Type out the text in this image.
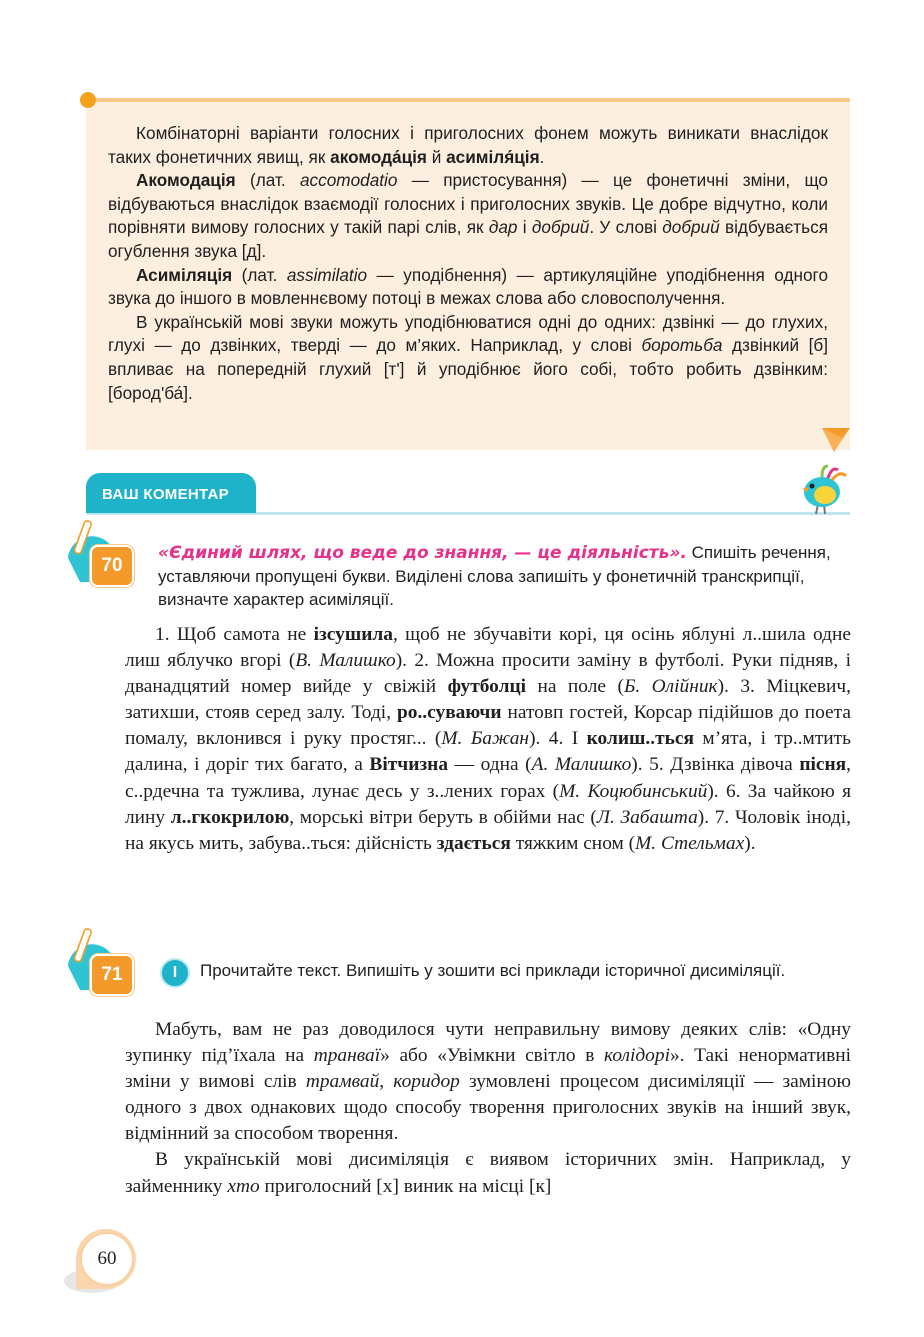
Комбінаторні варіанти голосних і приголосних фонем можуть виникати внаслідок таких фонетичних явищ, як акомода́ція й асиміля́ція.

Акомодація (лат. accomodatio — пристосування) — це фонетичні зміни, що відбуваються внаслідок взаємодії голосних і приголосних звуків. Це добре відчутно, коли порівняти вимову голосних у такій парі слів, як дар і добрий. У слові добрий відбувається огублення звука [д].

Асиміляція (лат. assimilatio — уподібнення) — артикуляційне уподібнення одного звука до іншого в мовленнєвому потоці в межах слова або словосполучення.

В українській мові звуки можуть уподібнюватися одні до одних: дзвінкі — до глухих, глухі — до дзвінких, тверді — до м’яких. Наприклад, у слові боротьба дзвінкий [б] впливає на попередній глухий [т'] й уподібнює його собі, тобто робить дзвінким: [бород'ба́].

ВАШ КОМЕНТАР
70
«Єдиний шлях, що веде до знання, — це діяльність». Спишіть речення, уставляючи пропущені букви. Виділені слова запишіть у фонетичній транскрипції, визначте характер асиміляції.

1. Щоб самота не ізсушила, щоб не збучавіти корі, ця осінь яблуні л..шила одне лиш яблучко вгорі (В. Малишко). 2. Можна просити заміну в футболі. Руки підняв, і дванадцятий номер вийде у свіжій футболці на поле (Б. Олійник). 3. Міцкевич, затихши, стояв серед залу. Тоді, ро..суваючи натовп гостей, Корсар підійшов до поета помалу, вклонився і руку простяг... (М. Бажан). 4. І колиш..ться м’ята, і тр..мтить далина, і доріг тих багато, а Вітчизна — одна (А. Малишко). 5. Дзвінка дівоча пісня, с..рдечна та тужлива, лунає десь у з..лених горах (М. Коцюбинський). 6. За чайкою я лину л..гкокрилою, морські вітри беруть в обійми нас (Л. Забашта). 7. Чоловік іноді, на якусь мить, забува..ться: дійсність здається тяжким сном (М. Стельмах).

71	I	Прочитайте текст. Випишіть у зошити всі приклади історичної дисиміляції.

Мабуть, вам не раз доводилося чути неправильну вимову деяких слів: «Одну зупинку під’їхала на транваї» або «Увімкни світло в колідорі». Такі ненормативні зміни у вимові слів трамвай, коридор зумовлені процесом дисиміляції — заміною одного з двох однакових щодо способу творення приголосних звуків на інший звук, відмінний за способом творення.

В українській мові дисиміляція є виявом історичних змін. Наприклад, у займеннику хто приголосний [х] виник на місці [к]

60
